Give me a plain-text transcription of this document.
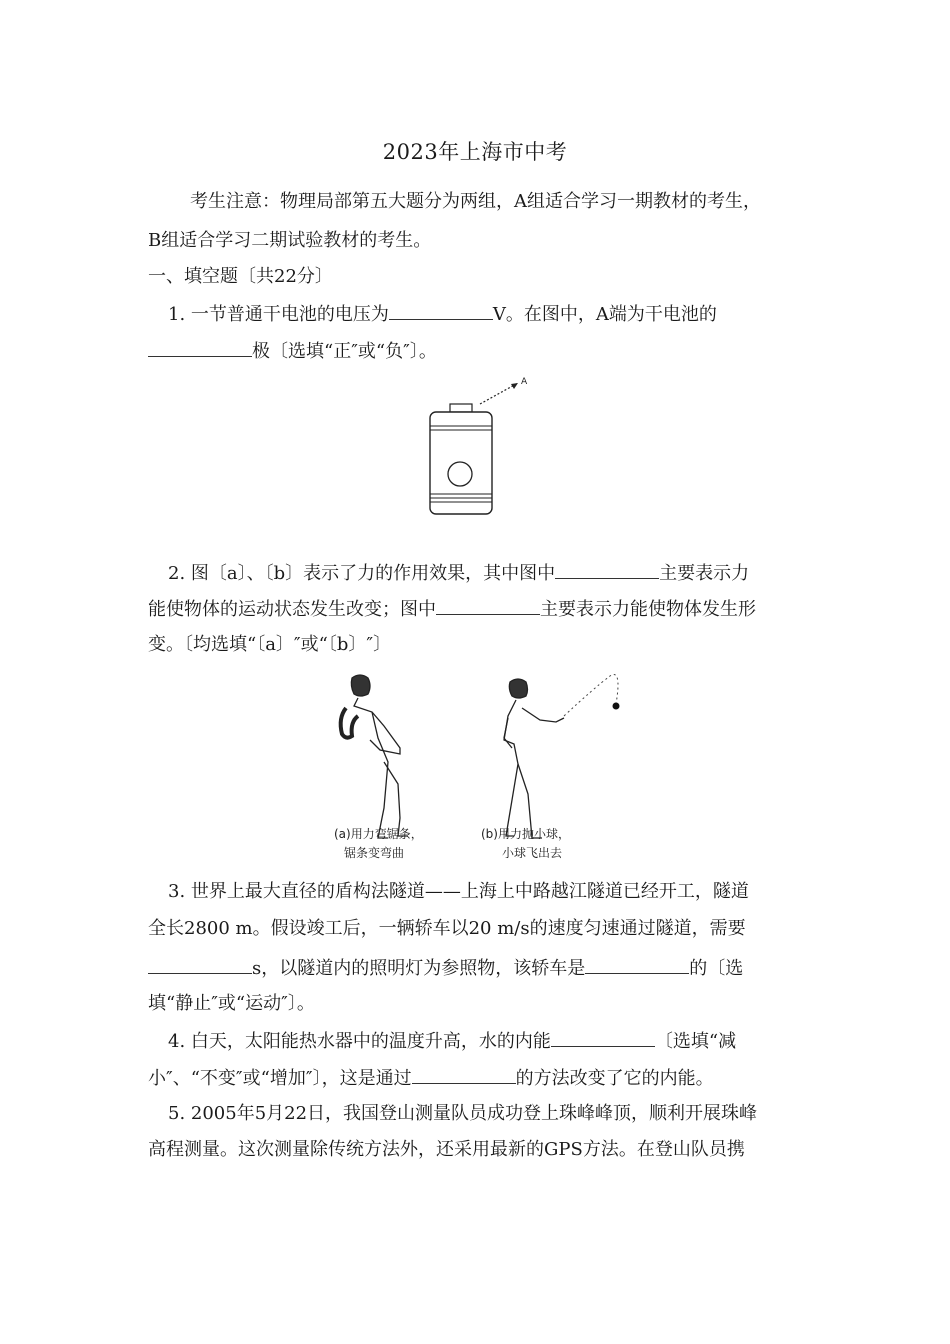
2023年上海市中考
考生注意：物理局部第五大题分为两组，A组适合学习一期教材的考生，
B组适合学习二期试验教材的考生。
一、填空题〔共22分〕
1. 一节普通干电池的电压为	V。在图中，A端为干电池的
极〔选填“正″或“负″〕。
A
2. 图〔a〕、〔b〕表示了力的作用效果，其中图中	主要表示力
能使物体的运动状态发生改变；图中	主要表示力能使物体发生形
变。〔均选填“〔a〕″或“〔b〕″〕
(a)用力弯锯条，
锯条变弯曲
(b)用力抛小球，
小球飞出去
3. 世界上最大直径的盾构法隧道——上海上中路越江隧道已经开工，隧道
全长2800 m。假设竣工后，一辆轿车以20 m/s的速度匀速通过隧道，需要
s，以隧道内的照明灯为参照物，该轿车是	的〔选
填“静止″或“运动″〕。
4. 白天，太阳能热水器中的温度升高，水的内能	〔选填“减
小″、“不变″或“增加″〕，这是通过	的方法改变了它的内能。
5. 2005年5月22日，我国登山测量队员成功登上珠峰峰顶，顺利开展珠峰
高程测量。这次测量除传统方法外，还采用最新的GPS方法。在登山队员携
